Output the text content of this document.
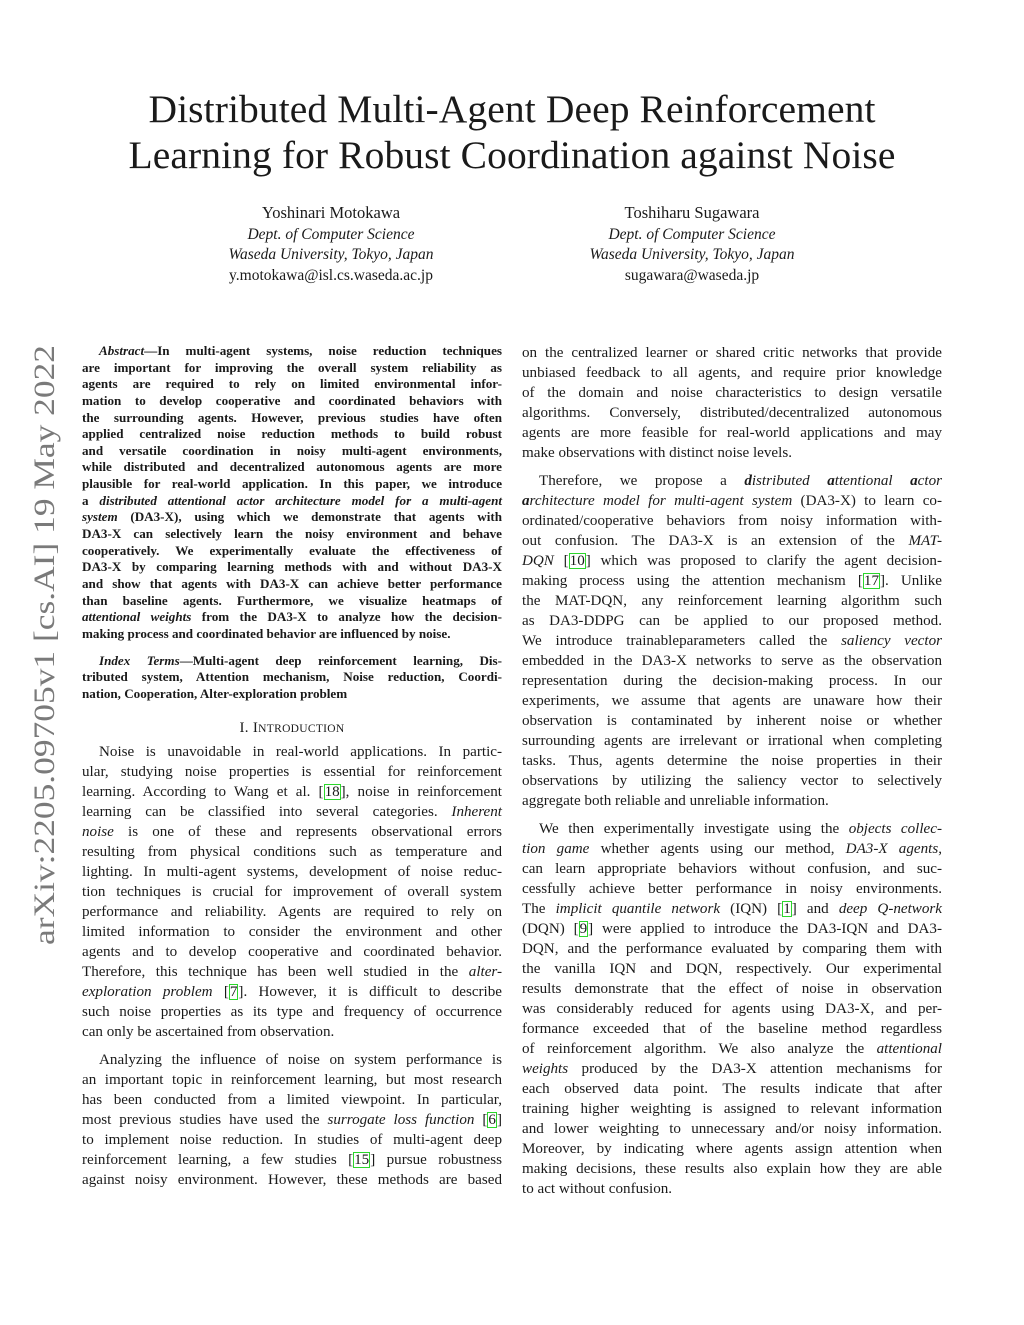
arXiv:2205.09705v1 [cs.AI] 19 May 2022
Distributed Multi-Agent Deep Reinforcement
Learning for Robust Coordination against Noise
Yoshinari Motokawa
Dept. of Computer Science
Waseda University, Tokyo, Japan
y.motokawa@isl.cs.waseda.ac.jp
Toshiharu Sugawara
Dept. of Computer Science
Waseda University, Tokyo, Japan
sugawara@waseda.jp
Abstract—In multi-agent systems, noise reduction techniques
are important for improving the overall system reliability as
agents are required to rely on limited environmental infor-
mation to develop cooperative and coordinated behaviors with
the surrounding agents. However, previous studies have often
applied centralized noise reduction methods to build robust
and versatile coordination in noisy multi-agent environments,
while distributed and decentralized autonomous agents are more
plausible for real-world application. In this paper, we introduce
a distributed attentional actor architecture model for a multi-agent
system (DA3-X), using which we demonstrate that agents with
DA3-X can selectively learn the noisy environment and behave
cooperatively. We experimentally evaluate the effectiveness of
DA3-X by comparing learning methods with and without DA3-X
and show that agents with DA3-X can achieve better performance
than baseline agents. Furthermore, we visualize heatmaps of
attentional weights from the DA3-X to analyze how the decision-
making process and coordinated behavior are influenced by noise.
Index Terms—Multi-agent deep reinforcement learning, Dis-
tributed system, Attention mechanism, Noise reduction, Coordi-
nation, Cooperation, Alter-exploration problem
I. INTRODUCTION
Noise is unavoidable in real-world applications. In partic-
ular, studying noise properties is essential for reinforcement
learning. According to Wang et al. [18], noise in reinforcement
learning can be classified into several categories. Inherent
noise is one of these and represents observational errors
resulting from physical conditions such as temperature and
lighting. In multi-agent systems, development of noise reduc-
tion techniques is crucial for improvement of overall system
performance and reliability. Agents are required to rely on
limited information to consider the environment and other
agents and to develop cooperative and coordinated behavior.
Therefore, this technique has been well studied in the alter-
exploration problem [7]. However, it is difficult to describe
such noise properties as its type and frequency of occurrence
can only be ascertained from observation.
Analyzing the influence of noise on system performance is
an important topic in reinforcement learning, but most research
has been conducted from a limited viewpoint. In particular,
most previous studies have used the surrogate loss function [6]
to implement noise reduction. In studies of multi-agent deep
reinforcement learning, a few studies [15] pursue robustness
against noisy environment. However, these methods are based
on the centralized learner or shared critic networks that provide
unbiased feedback to all agents, and require prior knowledge
of the domain and noise characteristics to design versatile
algorithms. Conversely, distributed/decentralized autonomous
agents are more feasible for real-world applications and may
make observations with distinct noise levels.
Therefore, we propose a distributed attentional actor
architecture model for multi-agent system (DA3-X) to learn co-
ordinated/cooperative behaviors from noisy information with-
out confusion. The DA3-X is an extension of the MAT-
DQN [10] which was proposed to clarify the agent decision-
making process using the attention mechanism [17]. Unlike
the MAT-DQN, any reinforcement learning algorithm such
as DA3-DDPG can be applied to our proposed method.
We introduce trainableparameters called the saliency vector
embedded in the DA3-X networks to serve as the observation
representation during the decision-making process. In our
experiments, we assume that agents are unaware how their
observation is contaminated by inherent noise or whether
surrounding agents are irrelevant or irrational when completing
tasks. Thus, agents determine the noise properties in their
observations by utilizing the saliency vector to selectively
aggregate both reliable and unreliable information.
We then experimentally investigate using the objects collec-
tion game whether agents using our method, DA3-X agents,
can learn appropriate behaviors without confusion, and suc-
cessfully achieve better performance in noisy environments.
The implicit quantile network (IQN) [1] and deep Q-network
(DQN) [9] were applied to introduce the DA3-IQN and DA3-
DQN, and the performance evaluated by comparing them with
the vanilla IQN and DQN, respectively. Our experimental
results demonstrate that the effect of noise in observation
was considerably reduced for agents using DA3-X, and per-
formance exceeded that of the baseline method regardless
of reinforcement algorithm. We also analyze the attentional
weights produced by the DA3-X attention mechanisms for
each observed data point. The results indicate that after
training higher weighting is assigned to relevant information
and lower weighting to unnecessary and/or noisy information.
Moreover, by indicating where agents assign attention when
making decisions, these results also explain how they are able
to act without confusion.
